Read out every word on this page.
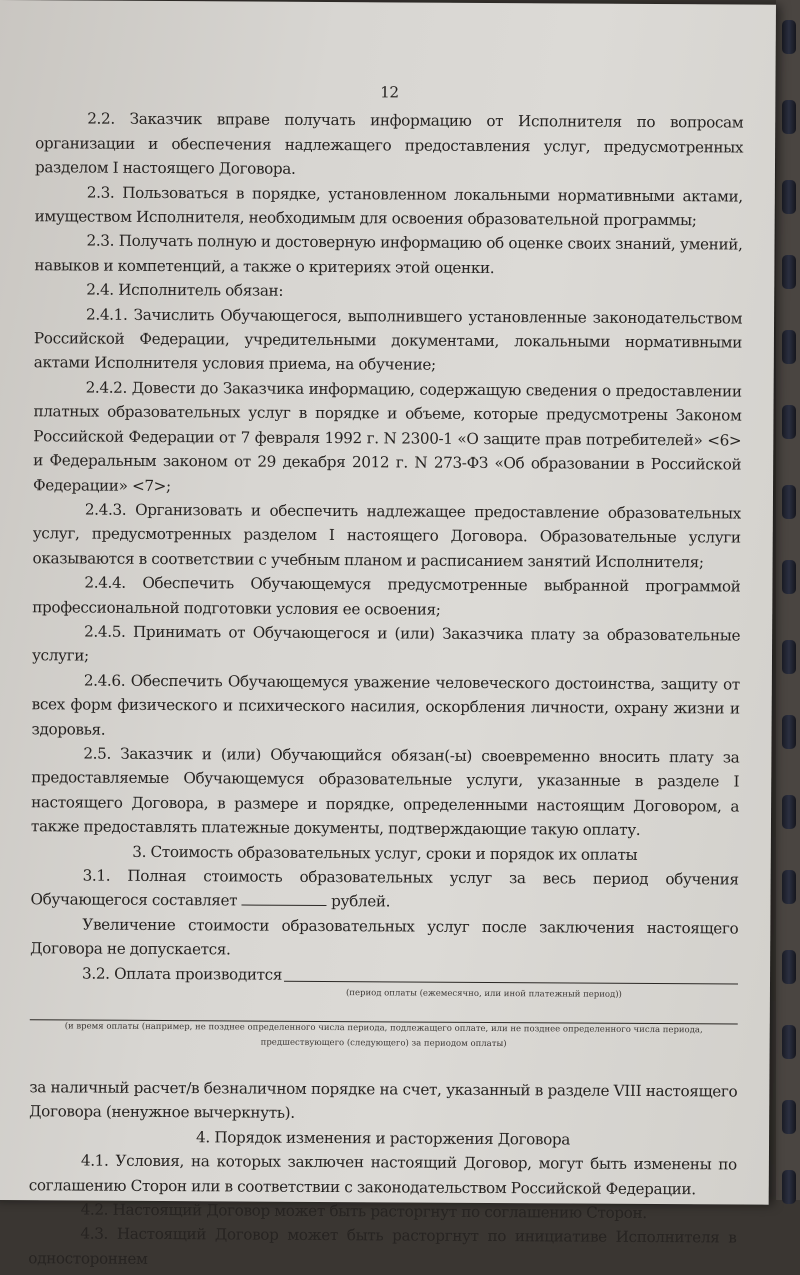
12

2.2. Заказчик вправе получать информацию от Исполнителя по вопросам организации и обеспечения надлежащего предоставления услуг, предусмотренных разделом I настоящего Договора.

2.3. Пользоваться в порядке, установленном локальными нормативными актами, имуществом Исполнителя, необходимым для освоения образовательной программы;

2.3. Получать полную и достоверную информацию об оценке своих знаний, умений, навыков и компетенций, а также о критериях этой оценки.

2.4. Исполнитель обязан:

2.4.1. Зачислить Обучающегося, выполнившего установленные законодательством Российской Федерации, учредительными документами, локальными нормативными актами Исполнителя условия приема, на обучение;

2.4.2. Довести до Заказчика информацию, содержащую сведения о предоставлении платных образовательных услуг в порядке и объеме, которые предусмотрены Законом Российской Федерации от 7 февраля 1992 г. N 2300-1 «О защите прав потребителей» <6> и Федеральным законом от 29 декабря 2012 г. N 273-ФЗ «Об образовании в Российской Федерации» <7>;

2.4.3. Организовать и обеспечить надлежащее предоставление образовательных услуг, предусмотренных разделом I настоящего Договора. Образовательные услуги оказываются в соответствии с учебным планом и расписанием занятий Исполнителя;

2.4.4. Обеспечить Обучающемуся предусмотренные выбранной программой профессиональной подготовки условия ее освоения;

2.4.5. Принимать от Обучающегося и (или) Заказчика плату за образовательные услуги;

2.4.6. Обеспечить Обучающемуся уважение человеческого достоинства, защиту от всех форм физического и психического насилия, оскорбления личности, охрану жизни и здоровья.

2.5. Заказчик и (или) Обучающийся обязан(-ы) своевременно вносить плату за предоставляемые Обучающемуся образовательные услуги, указанные в разделе I настоящего Договора, в размере и порядке, определенными настоящим Договором, а также предоставлять платежные документы, подтверждающие такую оплату.

3. Стоимость образовательных услуг, сроки и порядок их оплаты

3.1. Полная стоимость образовательных услуг за весь период обучения Обучающегося составляет	рублей.

Увеличение стоимости образовательных услуг после заключения настоящего Договора не допускается.

3.2. Оплата производится
(период оплаты (ежемесячно, или иной платежный период))
(и время оплаты (например, не позднее определенного числа периода, подлежащего оплате, или не позднее определенного числа периода,
предшествующего (следующего) за периодом оплаты)

за наличный расчет/в безналичном порядке на счет, указанный в разделе VIII настоящего Договора (ненужное вычеркнуть).

4. Порядок изменения и расторжения Договора

4.1. Условия, на которых заключен настоящий Договор, могут быть изменены по соглашению Сторон или в соответствии с законодательством Российской Федерации.

4.2. Настоящий Договор может быть расторгнут по соглашению Сторон.

4.3. Настоящий Договор может быть расторгнут по инициативе Исполнителя в одностороннем
